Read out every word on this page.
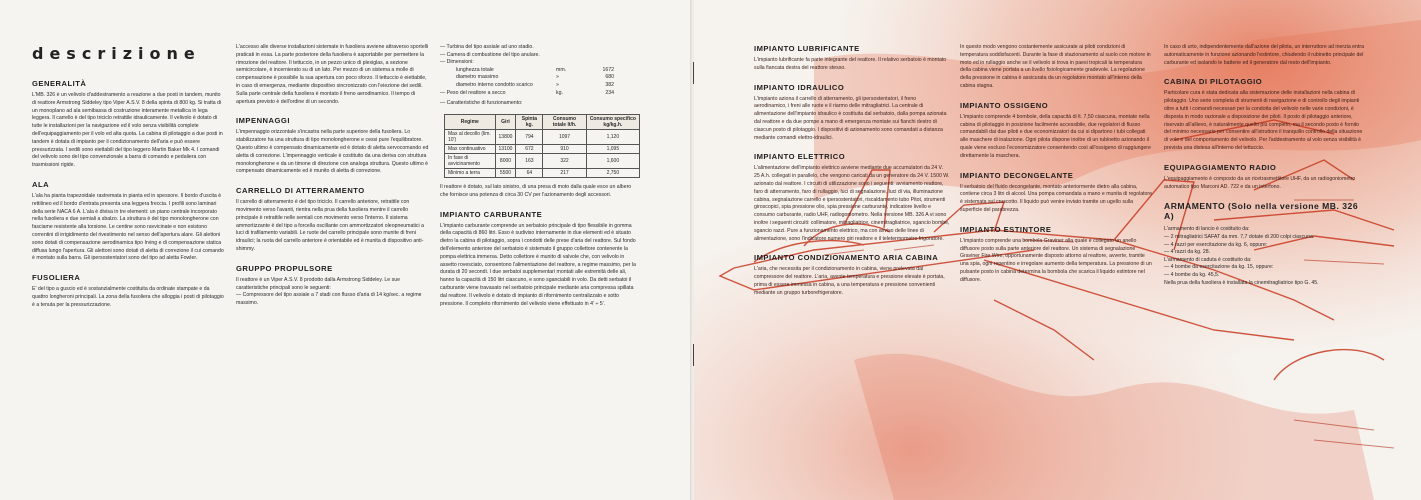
descrizione
GENERALITÀ

L'MB. 326 è un velivolo d'addestramento a reazione a due posti in tandem, munito di reattore Armstrong Siddeley tipo Viper A.S.V. 8 della spinta di 800 kg. Si tratta di un monoplano ad ala semibassa di costruzione interamente metallica in lega leggera. Il carrello è del tipo triciclo retrattile idraulicamente. Il velivolo è dotato di tutte le installazioni per la navigazione ed il volo senza visibilità complete dell'equipaggiamento per il volo ed alta quota. La cabina di pilotaggio a due posti in tandem è dotata di impianto per il condizionamento dell'aria e può essere pressurizzata. I sedili sono eiettabili del tipo leggero Martin Baker Mk 4. I comandi del velivolo sono del tipo convenzionale a barra di comando e pedaliera con trasmissioni rigide.

ALA

L'ala ha pianta trapezoidale rastremata in pianta ed in spessore. Il bordo d'uscita è rettilineo ed il bordo d'entrata presenta una leggera freccia. I profili sono laminari della serie NACA 6 A. L'ala è divisa in tre elementi: un piano centrale incorporato nella fusoliera e due semiali a sbalzo. La struttura è del tipo monolongherone con fasciame resistente alla torsione. Le centine sono ravvicinate e non esistono correntini di irrigidimento del rivestimento nel senso dell'apertura alare. Gli alettoni sono dotati di compensazione aerodinamica tipo Irving e di compensazione statica diffusa lungo l'apertura. Gli alettoni sono dotati di aletta di correzione il cui comando è montato sulla barra. Gli ipersostentatori sono del tipo ad aletta Fowler.

FUSOLIERA

E' del tipo a guscio ed è sostanzialmente costituita da ordinate stampate e da quattro longheroni principali. La zona della fusoliera che alloggia i posti di pilotaggio è a tenuta per la pressurizzazione.

L'accesso alle diverse installazioni sistemate in fusoliera avviene attraverso sportelli praticati in essa. La parte posteriore della fusoliera è asportabile per permettere la rimozione del reattore. Il tettuccio, in un pezzo unico di plexiglas, a sezione semicircolare, è incernierato su di un lato. Per mezzo di un sistema a molle di compensazione è possibile la sua apertura con poco sforzo. Il tettuccio è eiettabile, in caso di emergenza, mediante dispositivo sincronizzato con l'eiezione dei sedili. Sulla parte centrale della fusoliera è montato il freno aerodinamico. Il tempo di apertura previsto è dell'ordine di un secondo.

IMPENNAGGI

L'impennaggio orizzontale s'incastra nella parte superiore della fusoliera. Lo stabilizzatore ha una struttura di tipo monolongherone e cessi pure l'equilibratore. Questo ultimo è compensato dinamicamente ed è dotato di aletta servocomando ed aletta di correzione. L'impennaggio verticale è costituito da una deriva con struttura monolongherone e da un timone di direzione con analoga struttura. Questo ultimo è compensato dinamicamente ed è munito di aletta di correzione.

CARRELLO DI ATTERRAMENTO

Il carrello di atterramento è del tipo triciclo. Il carrello anteriore, retrattile con movimento verso l'avanti, rientra nella prua della fusoliera mentre il carrello principale è retrattile nelle semiali con movimento verso l'interno. Il sistema ammortizzante è del tipo a forcella oscillante con ammortizzatori oleopneumatici a luci di trafilamento variabili. Le ruote del carrello principale sono munite di freni idraulici; la ruota del carrello anteriore è orientabile ed è munita di dispositivo anti-shimmy.

GRUPPO PROPULSORE

Il reattore è un Viper A.S.V. 8 prodotto dalla Armstrong Siddeley. Le sue caratteristiche principali sono le seguenti:

— Compressore del tipo assiale a 7 stadi con flusso d'aria di 14 kg/sec. a regime massimo.

— Turbina del tipo assiale ad uno stadio.
— Camera di combustione del tipo anulare.
— Dimensioni:
lunghezza totale	mm.	1672
diametro massimo	»	680
diametro interno condotto scarico	»	382
— Peso del reattore a secco	kg.	234

— Caratteristiche di funzionamento:

Regime	Giri	Spinta kg.	Consumo totale lt/h.	Consumo specifico kg/kg.h.
Max al decollo (lim. 10')	13800	794	1097	1,120
Max continuativo	13100	672	910	1,095
In fase di avvicinamento	8000	163	322	1,600
Minimo a terra	5500	64	217	2,750

Il reattore è dotato, sul lato sinistro, di una presa di moto dalla quale esce un albero che fornisce una potenza di circa 30 CV per l'azionamento degli accessori.

IMPIANTO CARBURANTE

L'impianto carburante comprende un serbatoio principale di tipo flessibile in gomma della capacità di 860 litri. Esso è sudiviso internamente in due elementi ed è situato dietro la cabina di pilotaggio, sopra i condotti delle prese d'aria del reattore. Sul fondo dell'elemento anteriore del serbatoio è sistemato il gruppo collettore contenente la pompa elettrica immersa. Detto collettore è munito di valvole che, con velivolo in assetto rovesciato, consentono l'alimentazione del reattore, a regime massimo, per la durata di 20 secondi. I due serbatoi supplementari montati alle estremità delle ali, hanno la capacità di 150 litri ciascuno, e sono sganciabili in volo. Da detti serbatoi il carburante viene travasato nel serbatoio principale mediante aria compressa spillata dal reattore. Il velivolo è dotato di impianto di rifornimento centralizzato e sotto pressione. Il completo rifornimento del velivolo viene effettuato in 4' ÷ 5'.

IMPIANTO LUBRIFICANTE

L'impianto lubrificante fa parte integrante del reattore. Il relativo serbatoio è montato sulla fiancata destra del reattore stesso.

IMPIANTO IDRAULICO

L'impianto aziona il carrello di atterramento, gli ipersostentatori, il freno aerodinamico, i freni alle ruote e il riarmo delle mitragliatrici. La centrale di alimentazione dell'impianto idraulico è costituita dal serbatoio, dalla pompa azionata dal reattore e da due pompe a mano di emergenza montate sui fianchi destro di ciascun posto di pilotaggio. I dispositivi di azionamento sono comandati a distanza mediante comandi elettro-idraulici.

IMPIANTO ELETTRICO

L'alimentazione dell'impianto elettrico avviene mediante due accumulatori da 24 V. 25 A.h. collegati in parallelo, che vengono caricati da un generatore da 24 V. 1500 W. azionato dal reattore. I circuiti di utilizzazione sono i seguenti: avviamento reattore, faro di atterramento, faro di rullaggio, luci di segnalazione, luci di via, illuminazione cabina, segnalazione carrello e ipersostentatori, riscaldamento tubo Pitot, strumenti giroscopici, spia pressione olio, spia pressione carburante, indicatore livello e consumo carburante, radio UHF, radiogoniometro. Nella versione MB. 326 A vi sono inoltre i seguenti circuiti: collimatore, mitragliatrice, cinemitragliatrice, sgancio bombe, sgancio razzi. Pure a funzionamento elettrico, ma con avviso delle linee di alimentazione, sono l'indicatore numero giri reattore e il teletermometro frigoratore.

IMPIANTO CONDIZIONAMENTO ARIA CABINA

L'aria, che necessita per il condizionamento in cabina, viene prelevata dal compressore del reattore. L'aria, avente temperatura e pressione elevate è portata, prima di essere immessa in cabina, a una temperatura e pressione convenienti mediante un gruppo turborefrigeratore.

In questo modo vengono costantemente assicurate ai piloti condizioni di temperatura soddisfacenti. Durante la fase di stazionamento al suolo con motore in moto ed in rullaggio anche se il velivolo si trova in paesi tropicali la temperatura della cabina viene portata a un livello fisiologicamente gradevole. La regolazione della pressione in cabina è assicurata da un regolatore montato all'interno della cabina stagna.

IMPIANTO OSSIGENO

L'impianto comprende 4 bombole, della capacità di lt. 7,50 ciascuna, montate nella cabina di pilotaggio in posizione facilmente accessibile, due regolatori di flusso comandabili dai due piloti e due economizzatori da cui si dipartono i tubi collegati alle maschere di inalazione. Ogni pilota dispone inoltre di un rubinetto azionando il quale viene escluso l'economizzatore consentendo così all'ossigeno di raggiungere direttamente la maschera.

IMPIANTO DECONGELANTE

Il serbatoio del fluido decongelante, montato anteriormente dietro alla cabina, contiene circa 3 litri di alcool. Una pompa comandata a mano e munita di regolatore è sistemata sul cruscotto. Il liquido può venire inviato tramite un ugello sulla superficie del parabrezza.

IMPIANTO ESTINTORE

L'impianto comprende una bombola Graviner alla quale è collegato un anello diffusore posto sulla parte anteriore del reattore. Un sistema di segnalazione Graviner Fire Wire, opportunamente disposto attorno al reattore, avverte, tramite una spia, ogni repentino e irregolare aumento della temperatura. La pressione di un pulsante posto in cabina determina la bombola che scarica il liquido estintore nel diffusore.

In caso di urto, indipendentemente dall'azione del pilota, un interruttore ad inerzia entra automaticamente in funzione azionando l'estintore, chiudendo il rubinetto principale del carburante ed isolando le batterie ed il generatore dal resto dell'impianto.

CABINA DI PILOTAGGIO

Particolare cura è stata dedicata alla sistemazione delle installazioni nella cabina di pilotaggio. Uno serie completa di strumenti di navigazione e di controllo degli impianti oltre a tutti i comandi necessari per la condotta del velivolo nelle varie condizioni, è disposta in modo razionale a disposizione dei piloti. Il posto di pilotaggio anteriore, riservato all'allievo, è naturalmente quello più completo, ma il secondo posto è fornito del minimo necessario per consentire all'istruttore il tranquillo controllo della situazione di volo e del comportamento del velivolo. Per l'addestramento al volo senza visibilità è prevista una distesa all'interno del tettuccio.

EQUIPAGGIAMENTO RADIO

L'equipaggiamento è composto da un ricetrasmettitore UHF, da un radiogoniometro automatico tipo Marconi AD. 722 e da un interfono.

ARMAMENTO (Solo nella versione MB. 326 A)
L'armamento di lancio è costituito da:
— 2 mitragliatrici SAFAT da mm. 7,7 dotate di 200 colpi ciascuna.
— 4 razzi per esercitazione da kg. 6, oppure:
— 4 razzi da kg. 28.
L'armamento di caduta è costituito da:
— 4 bombe da esercitazione da kg. 15, oppure:
— 4 bombe da kg. 45,5.
Nella prua della fusoliera è installata la cinemitragliatrice tipo G. 45.
